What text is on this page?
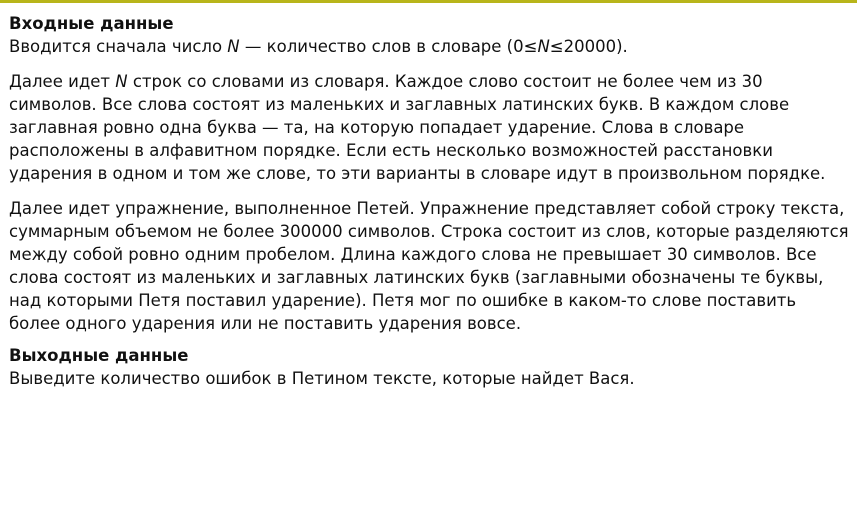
Входные данные

Вводится сначала число N — количество слов в словаре (0≤N≤20000).

Далее идет N строк со словами из словаря. Каждое слово состоит не более чем из 30 символов. Все слова состоят из маленьких и заглавных латинских букв. В каждом слове заглавная ровно одна буква — та, на которую попадает ударение. Слова в словаре расположены в алфавитном порядке. Если есть несколько возможностей расстановки ударения в одном и том же слове, то эти варианты в словаре идут в произвольном порядке.

Далее идет упражнение, выполненное Петей. Упражнение представляет собой строку текста, суммарным объемом не более 300000 символов. Строка состоит из слов, которые разделяются между собой ровно одним пробелом. Длина каждого слова не превышает 30 символов. Все слова состоят из маленьких и заглавных латинских букв (заглавными обозначены те буквы, над которыми Петя поставил ударение). Петя мог по ошибке в каком-то слове поставить более одного ударения или не поставить ударения вовсе.

Выходные данные

Выведите количество ошибок в Петином тексте, которые найдет Вася.
